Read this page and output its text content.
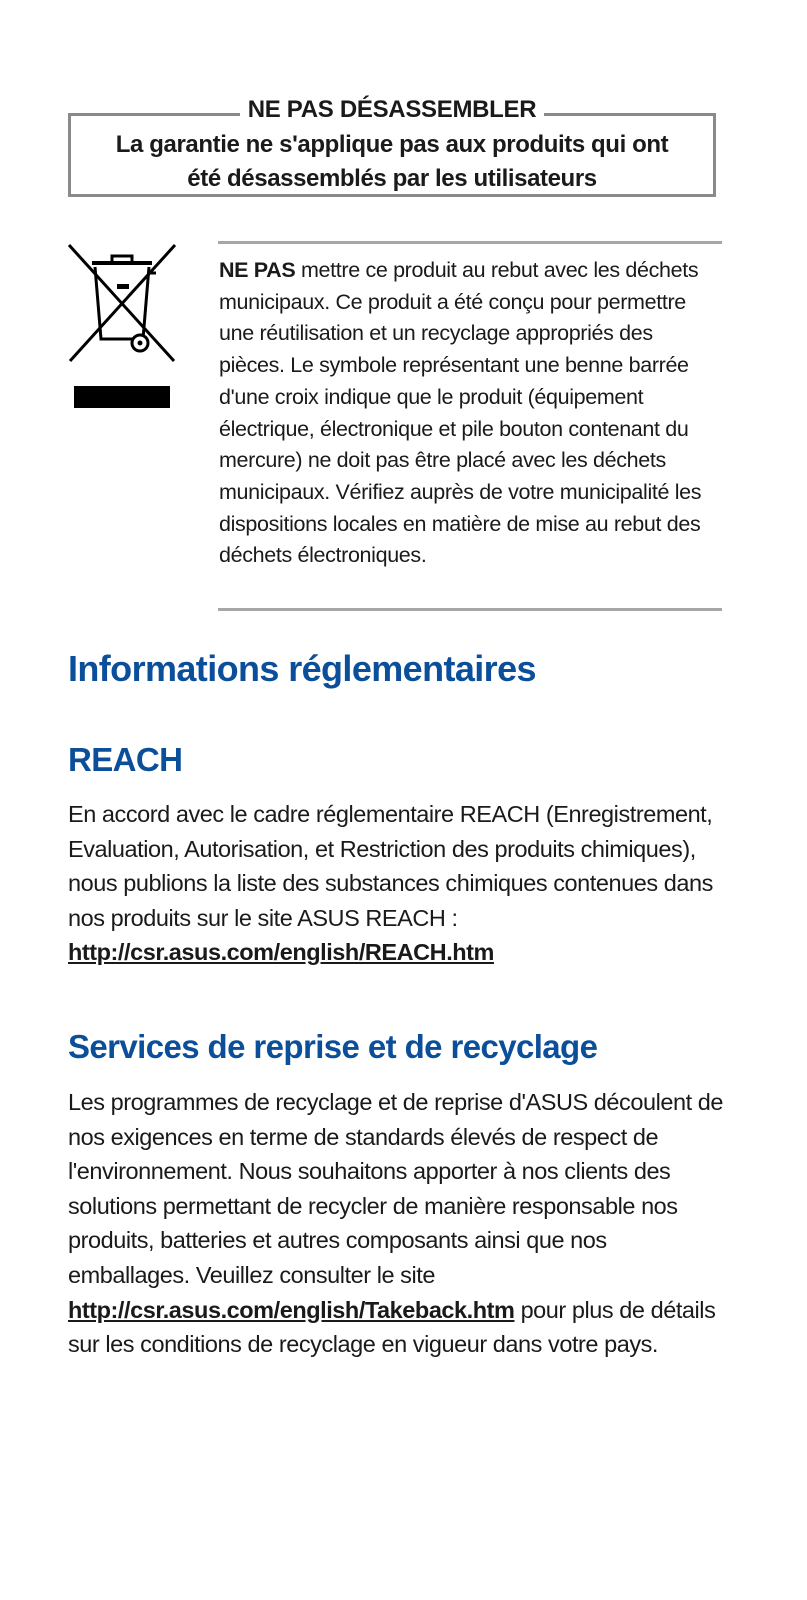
NE PAS DÉSASSEMBLER
La garantie ne s'applique pas aux produits qui ont
été désassemblés par les utilisateurs

NE PAS mettre ce produit au rebut avec les déchets municipaux. Ce produit a été conçu pour permettre une réutilisation et un recyclage appropriés des pièces. Le symbole représentant une benne barrée d'une croix indique que le produit (équipement électrique, électronique et pile bouton contenant du mercure) ne doit pas être placé avec les déchets municipaux. Vérifiez auprès de votre municipalité les dispositions locales en matière de mise au rebut des déchets électroniques.

Informations réglementaires
REACH

En accord avec le cadre réglementaire REACH (Enregistrement, Evaluation, Autorisation, et Restriction des produits chimiques), nous publions la liste des substances chimiques contenues dans nos produits sur le site ASUS REACH : http://csr.asus.com/english/REACH.htm

Services de reprise et de recyclage

Les programmes de recyclage et de reprise d'ASUS découlent de nos exigences en terme de standards élevés de respect de l'environnement. Nous souhaitons apporter à nos clients des solutions permettant de recycler de manière responsable nos produits, batteries et autres composants ainsi que nos emballages. Veuillez consulter le site http://csr.asus.com/english/Takeback.htm pour plus de détails sur les conditions de recyclage en vigueur dans votre pays.
